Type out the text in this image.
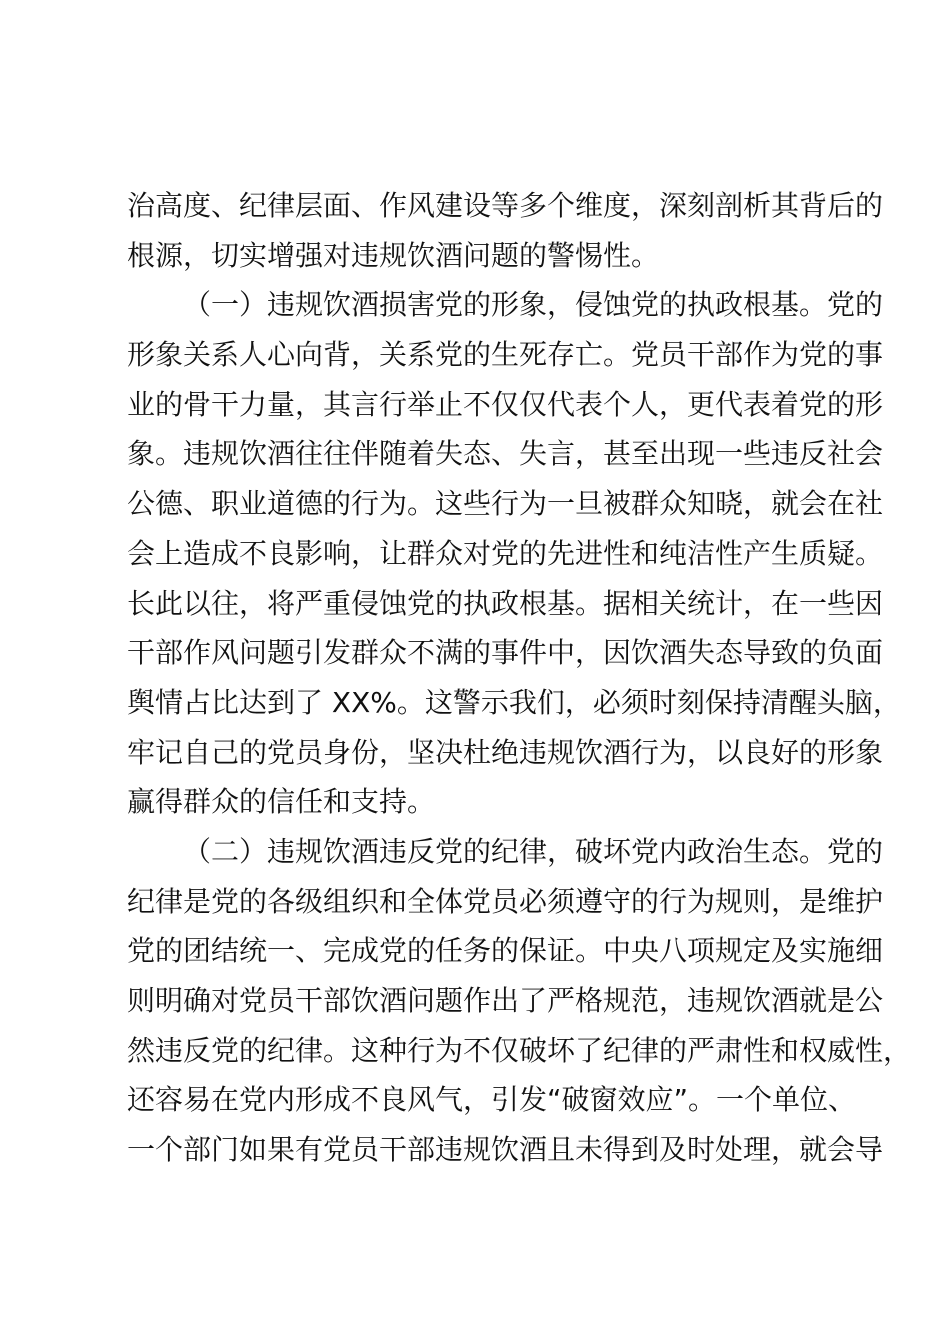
治高度、纪律层面、作风建设等多个维度，深刻剖析其背后的
根源，切实增强对违规饮酒问题的警惕性。
（一）违规饮酒损害党的形象，侵蚀党的执政根基。党的
形象关系人心向背，关系党的生死存亡。党员干部作为党的事
业的骨干力量，其言行举止不仅仅代表个人，更代表着党的形
象。违规饮酒往往伴随着失态、失言，甚至出现一些违反社会
公德、职业道德的行为。这些行为一旦被群众知晓，就会在社
会上造成不良影响，让群众对党的先进性和纯洁性产生质疑。
长此以往，将严重侵蚀党的执政根基。据相关统计，在一些因
干部作风问题引发群众不满的事件中，因饮酒失态导致的负面
舆情占比达到了 XX%。这警示我们，必须时刻保持清醒头脑，
牢记自己的党员身份，坚决杜绝违规饮酒行为，以良好的形象
赢得群众的信任和支持。
（二）违规饮酒违反党的纪律，破坏党内政治生态。党的
纪律是党的各级组织和全体党员必须遵守的行为规则，是维护
党的团结统一、完成党的任务的保证。中央八项规定及实施细
则明确对党员干部饮酒问题作出了严格规范，违规饮酒就是公
然违反党的纪律。这种行为不仅破坏了纪律的严肃性和权威性，
还容易在党内形成不良风气，引发“破窗效应”。一个单位、
一个部门如果有党员干部违规饮酒且未得到及时处理，就会导
